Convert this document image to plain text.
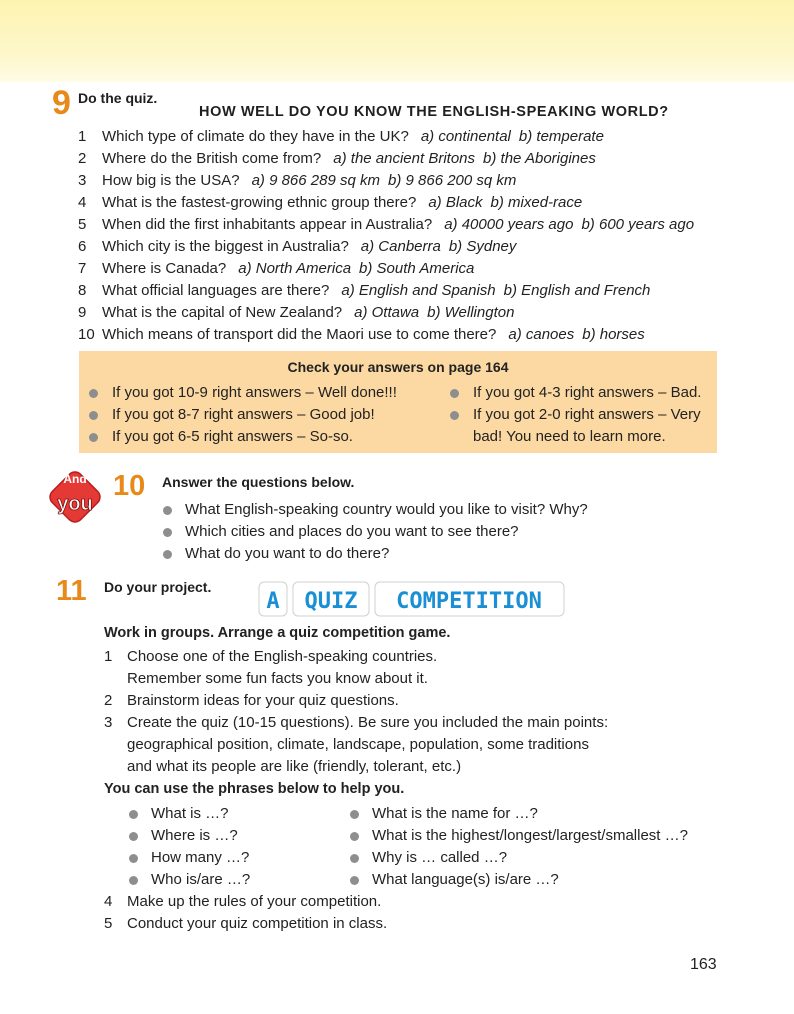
9 Do the quiz.
HOW WELL DO YOU KNOW THE ENGLISH-SPEAKING WORLD?
1 Which type of climate do they have in the UK? a) continental b) temperate
2 Where do the British come from? a) the ancient Britons b) the Aborigines
3 How big is the USA? a) 9 866 289 sq km b) 9 866 200 sq km
4 What is the fastest-growing ethnic group there? a) Black b) mixed-race
5 When did the first inhabitants appear in Australia? a) 40000 years ago b) 600 years ago
6 Which city is the biggest in Australia? a) Canberra b) Sydney
7 Where is Canada? a) North America b) South America
8 What official languages are there? a) English and Spanish b) English and French
9 What is the capital of New Zealand? a) Ottawa b) Wellington
10 Which means of transport did the Maori use to come there? a) canoes b) horses
Check your answers on page 164
If you got 10-9 right answers – Well done!!!
If you got 8-7 right answers – Good job!
If you got 6-5 right answers – So-so.
If you got 4-3 right answers – Bad.
If you got 2-0 right answers – Very
bad! You need to learn more.
And
you
10 Answer the questions below.
What English-speaking country would you like to visit? Why?
Which cities and places do you want to see there?
What do you want to do there?
11 Do your project.
A QUIZ COMPETITION
Work in groups. Arrange a quiz competition game.
1 Choose one of the English-speaking countries.
Remember some fun facts you know about it.
2 Brainstorm ideas for your quiz questions.
3 Create the quiz (10-15 questions). Be sure you included the main points:
geographical position, climate, landscape, population, some traditions
and what its people are like (friendly, tolerant, etc.)
You can use the phrases below to help you.
What is …?
Where is …?
How many …?
Who is/are …?
What is the name for …?
What is the highest/longest/largest/smallest …?
Why is … called …?
What language(s) is/are …?
4 Make up the rules of your competition.
5 Conduct your quiz competition in class.
163
